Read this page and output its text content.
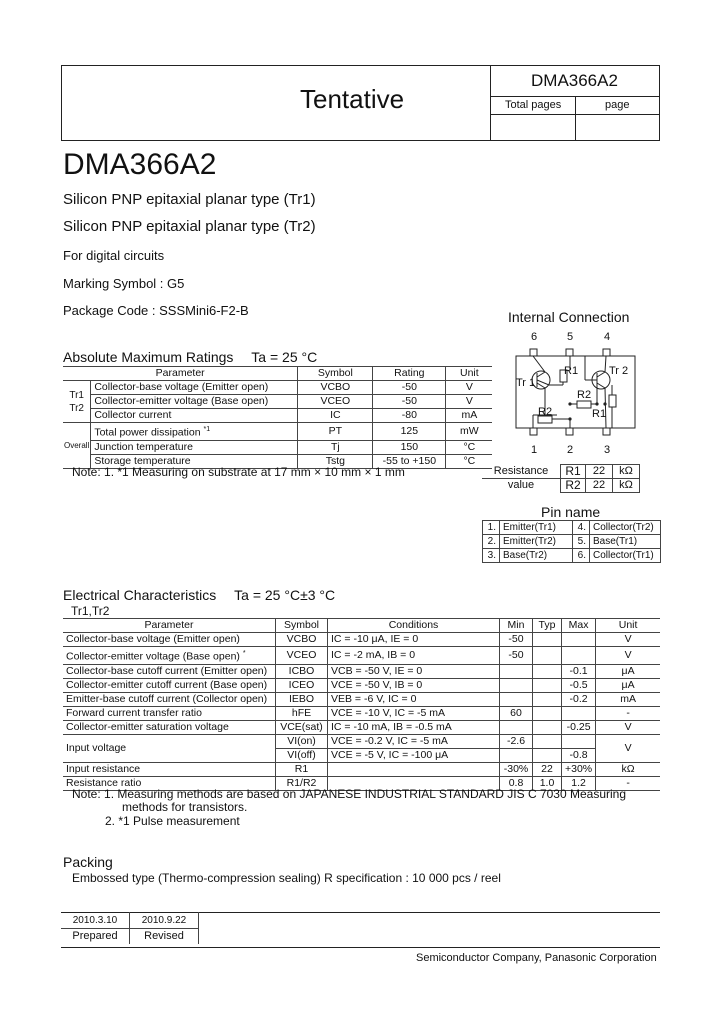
Tentative
DMA366A2
Total pages	page
DMA366A2
Silicon PNP epitaxial planar type (Tr1)
Silicon PNP epitaxial planar type (Tr2)
For digital circuits
Marking Symbol : G5
Package Code : SSSMini6-F2-B	Internal Connection
6	5	4
1	2	3
Tr 1
Tr 2
R1
R2
R2
R1
Resistance	R1	22	kΩ
value	R2	22	kΩ
Pin name
1.	Emitter(Tr1)	4.	Collector(Tr2)
2.	Emitter(Tr2)	5.	Base(Tr1)
3.	Base(Tr2)	6.	Collector(Tr1)
Absolute Maximum Ratings Ta = 25 °C
Parameter		Symbol	Rating	Unit
Tr1
Tr2	Collector-base voltage (Emitter open)	VCBO	-50	V
	Collector-emitter voltage (Base open)	VCEO	-50	V
	Collector current	IC	-80	mA
Overall	Total power dissipation $^{*1}$	PT	125	mW
	Junction temperature	Tj	150	°C
	Storage temperature	Tstg	-55 to +150	°C
Note: 1. *1 Measuring on substrate at 17 mm × 10 mm × 1 mm
Electrical Characteristics Ta = 25 °C±3 °C
Tr1,Tr2
Parameter	Symbol	Conditions	Min	Typ	Max	Unit
Collector-base voltage (Emitter open)	VCBO	IC = -10 μA, IE = 0	-50			V
Collector-emitter voltage (Base open) *	VCEO	IC = -2 mA, IB = 0	-50			V
Collector-base cutoff current (Emitter open)	ICBO	VCB = -50 V, IE = 0			-0.1	μA
Collector-emitter cutoff current (Base open)	ICEO	VCE = -50 V, IB = 0			-0.5	μA
Emitter-base cutoff current (Collector open)	IEBO	VEB = -6 V, IC = 0			-0.2	mA
Forward current transfer ratio	hFE	VCE = -10 V, IC = -5 mA	60			-
Collector-emitter saturation voltage	VCE(sat)	IC = -10 mA, IB = -0.5 mA			-0.25	V
Input voltage	VI(on)	VCE = -0.2 V, IC = -5 mA	-2.6			V
	VI(off)	VCE = -5 V, IC = -100 μA			-0.8	
Input resistance	R1		-30%	22	+30%	kΩ
Resistance ratio	R1/R2		0.8	1.0	1.2	-
Note: 1. Measuring methods are based on JAPANESE INDUSTRIAL STANDARD JIS C 7030 Measuring
methods for transistors.
2. *1 Pulse measurement
Packing
Embossed type (Thermo-compression sealing) R specification : 10 000 pcs / reel
2010.3.10	2010.9.22
Prepared	Revised
Semiconductor Company, Panasonic Corporation
